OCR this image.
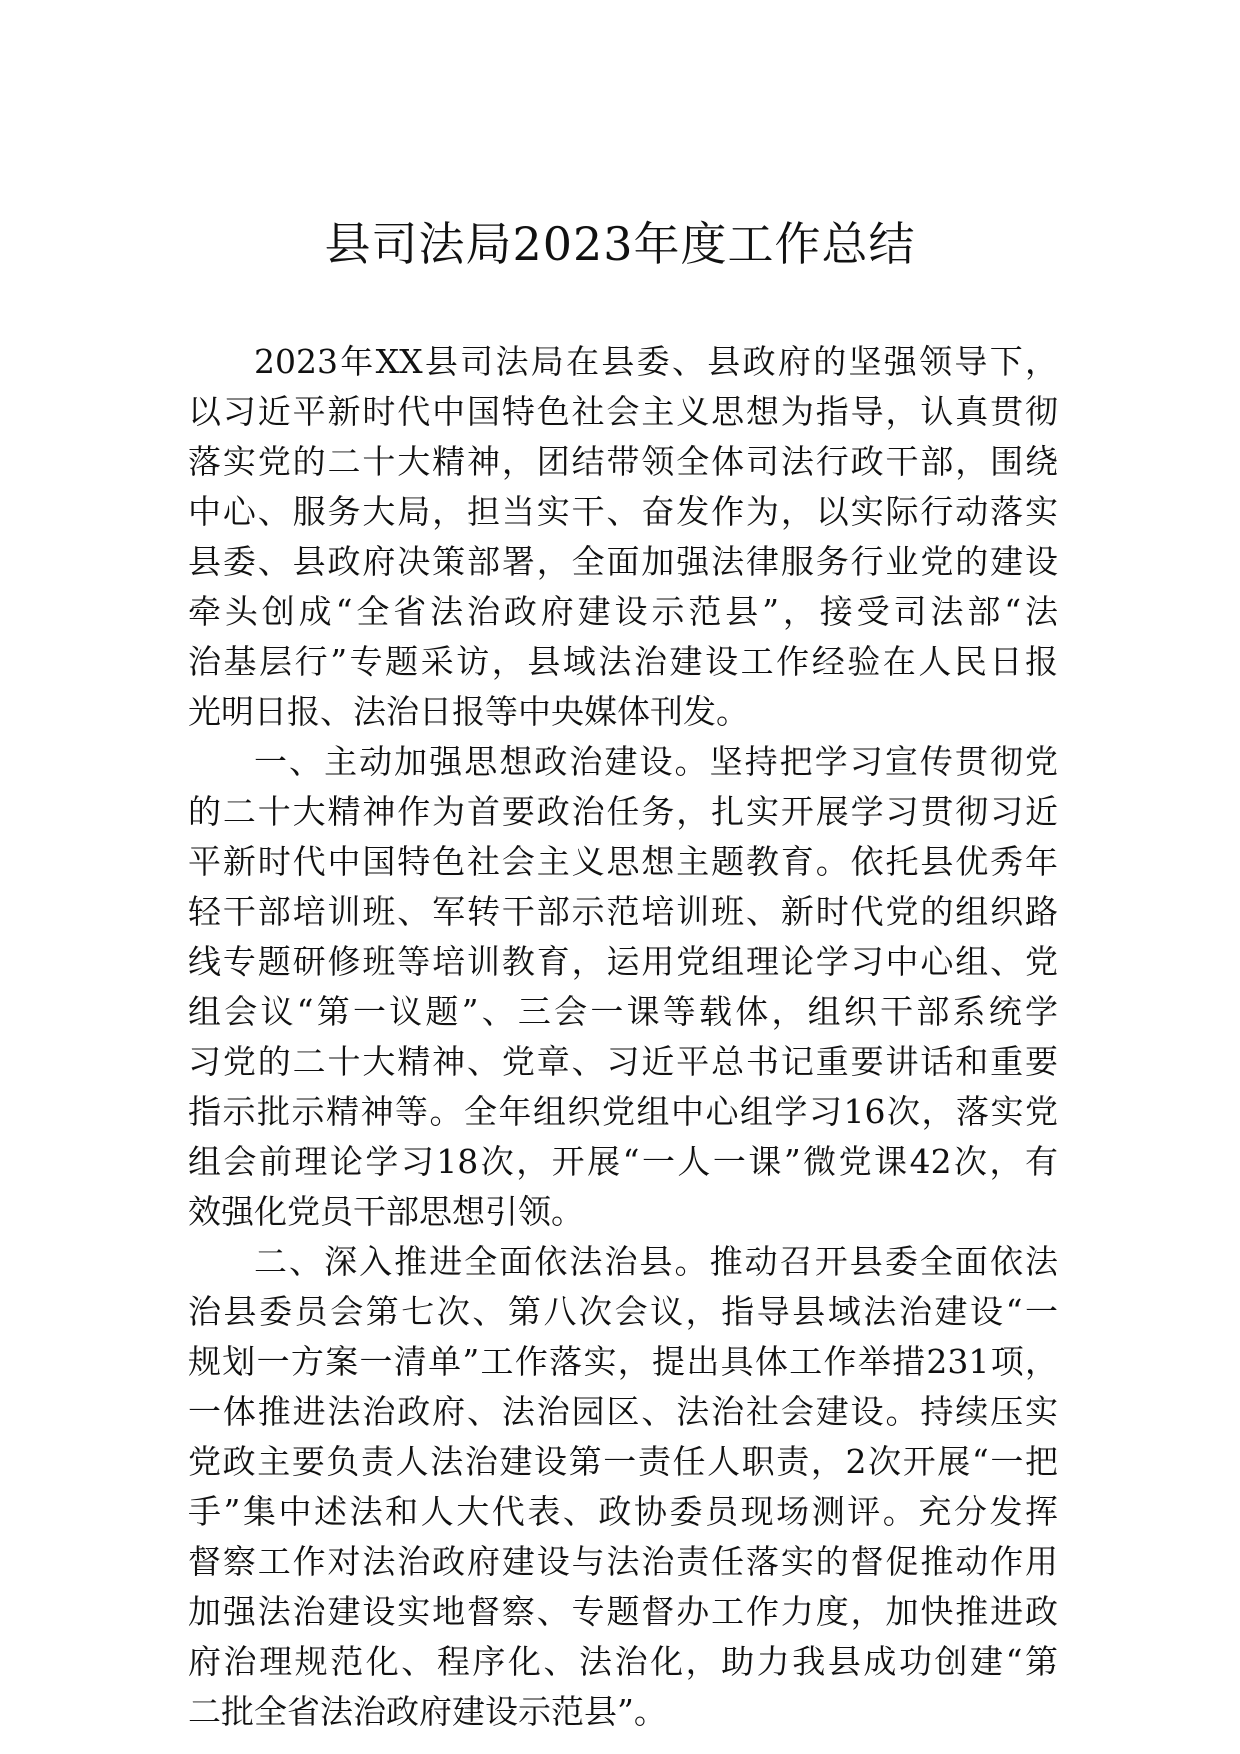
县司法局2023年度工作总结

2023年XX县司法局在县委、县政府的坚强领导下，
以习近平新时代中国特色社会主义思想为指导，认真贯彻
落实党的二十大精神，团结带领全体司法行政干部，围绕
中心、服务大局，担当实干、奋发作为，以实际行动落实
县委、县政府决策部署，全面加强法律服务行业党的建设
牵头创成“全省法治政府建设示范县”，接受司法部“法
治基层行”专题采访，县域法治建设工作经验在人民日报
光明日报、法治日报等中央媒体刊发。

一、主动加强思想政治建设。坚持把学习宣传贯彻党
的二十大精神作为首要政治任务，扎实开展学习贯彻习近
平新时代中国特色社会主义思想主题教育。依托县优秀年
轻干部培训班、军转干部示范培训班、新时代党的组织路
线专题研修班等培训教育，运用党组理论学习中心组、党
组会议“第一议题”、三会一课等载体，组织干部系统学
习党的二十大精神、党章、习近平总书记重要讲话和重要
指示批示精神等。全年组织党组中心组学习16次，落实党
组会前理论学习18次，开展“一人一课”微党课42次，有
效强化党员干部思想引领。

二、深入推进全面依法治县。推动召开县委全面依法
治县委员会第七次、第八次会议，指导县域法治建设“一
规划一方案一清单”工作落实，提出具体工作举措231项，
一体推进法治政府、法治园区、法治社会建设。持续压实
党政主要负责人法治建设第一责任人职责，2次开展“一把
手”集中述法和人大代表、政协委员现场测评。充分发挥
督察工作对法治政府建设与法治责任落实的督促推动作用
加强法治建设实地督察、专题督办工作力度，加快推进政
府治理规范化、程序化、法治化，助力我县成功创建“第
二批全省法治政府建设示范县”。
